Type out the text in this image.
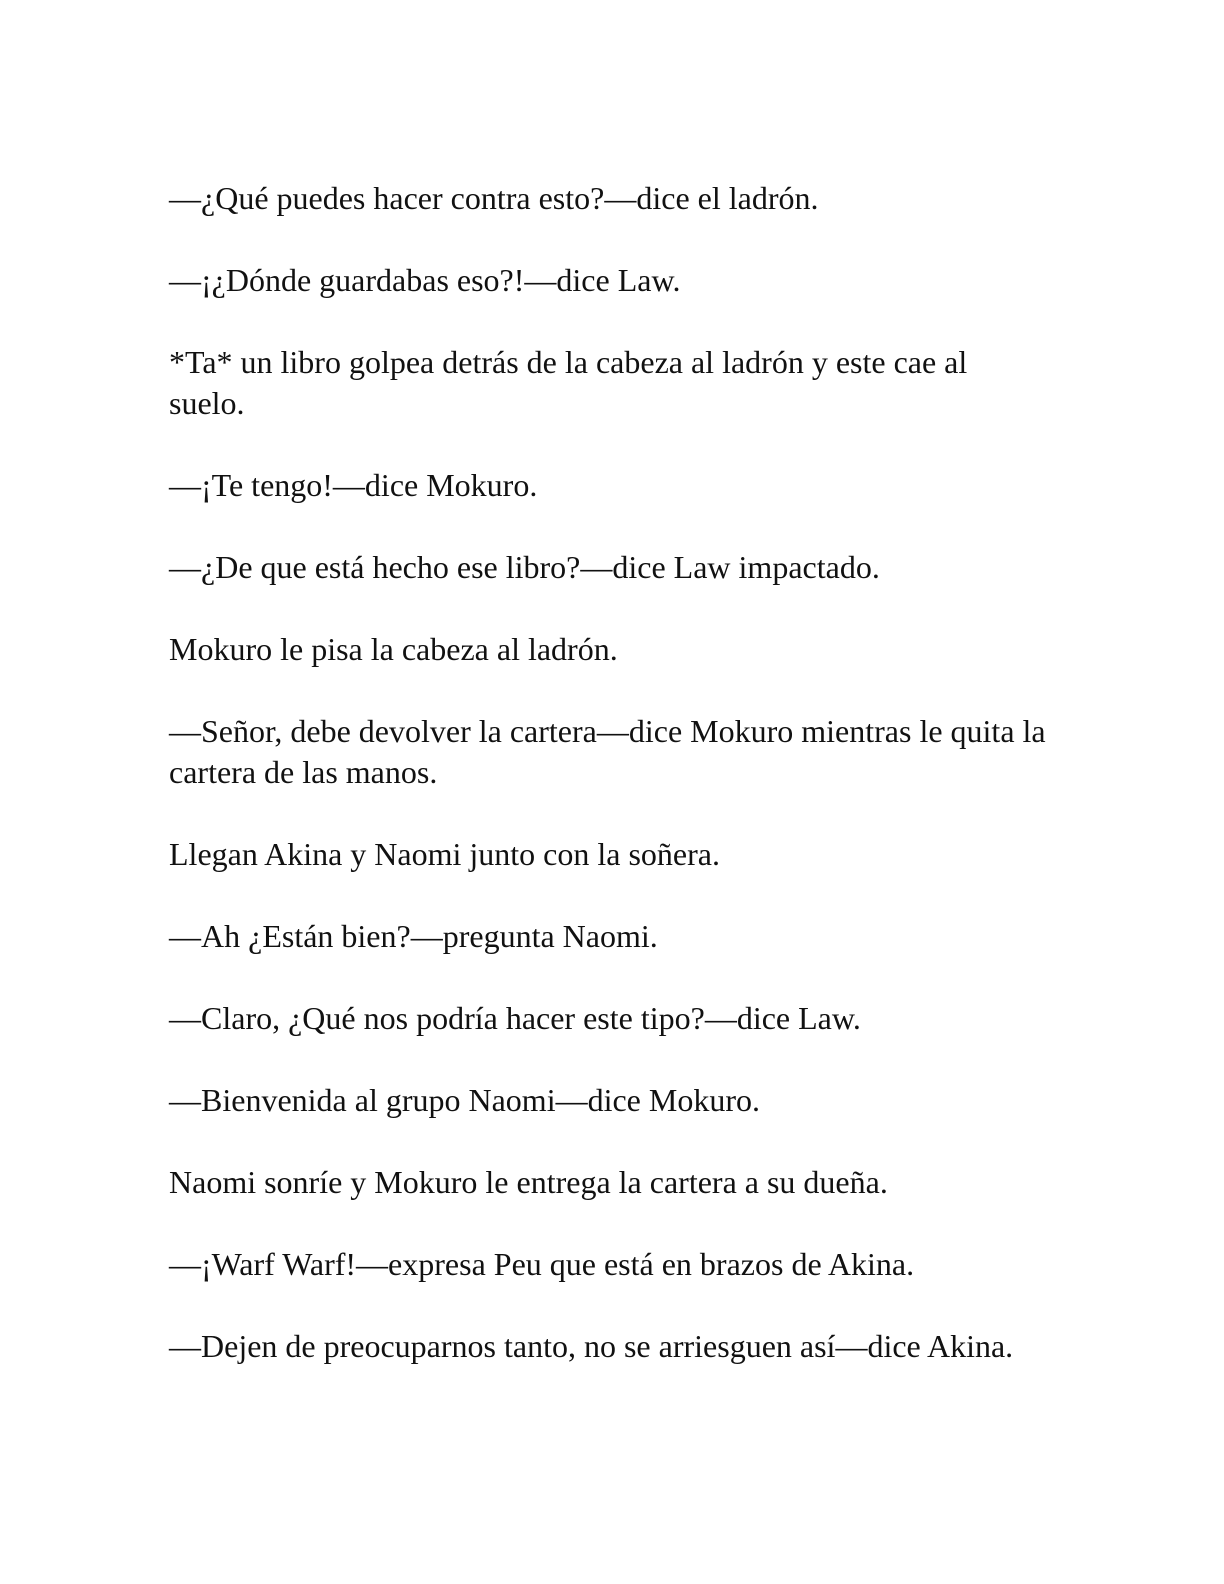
—¿Qué puedes hacer contra esto?—dice el ladrón.

—¡¿Dónde guardabas eso?!—dice Law.

*Ta* un libro golpea detrás de la cabeza al ladrón y este cae al suelo.

—¡Te tengo!—dice Mokuro.

—¿De que está hecho ese libro?—dice Law impactado.

Mokuro le pisa la cabeza al ladrón.

—Señor, debe devolver la cartera—dice Mokuro mientras le quita la cartera de las manos.

Llegan Akina y Naomi junto con la soñera.

—Ah ¿Están bien?—pregunta Naomi.

—Claro, ¿Qué nos podría hacer este tipo?—dice Law.

—Bienvenida al grupo Naomi—dice Mokuro.

Naomi sonríe y Mokuro le entrega la cartera a su dueña.

—¡Warf Warf!—expresa Peu que está en brazos de Akina.

—Dejen de preocuparnos tanto, no se arriesguen así—dice Akina.
